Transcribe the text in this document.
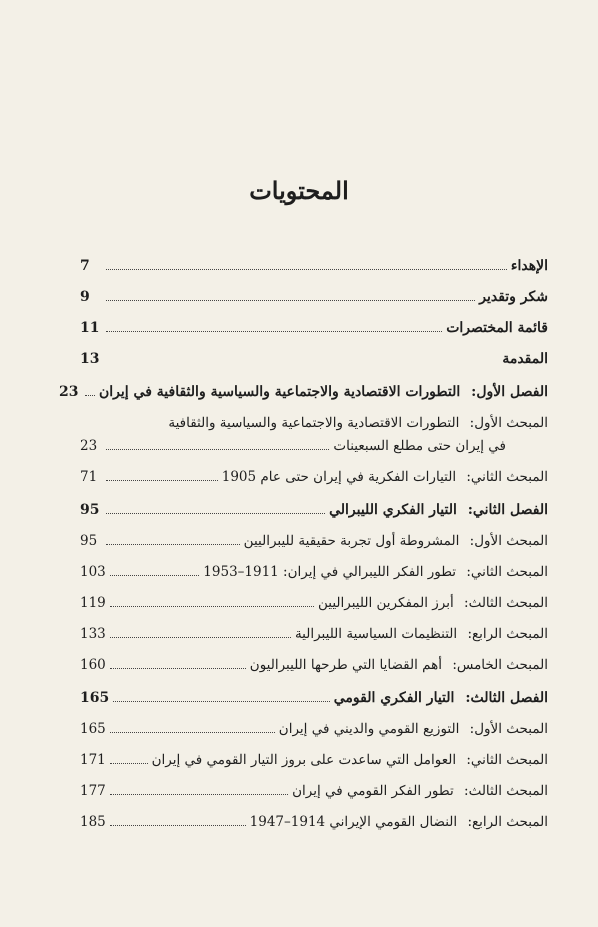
المحتويات
الإهداء
7
شكر وتقدير
9
قائمة المختصرات
11
المقدمة
13
الفصل الأول: التطورات الاقتصادية والاجتماعية والسياسية والثقافية في إيران
23
المبحث الأول: التطورات الاقتصادية والاجتماعية والسياسية والثقافية
في إيران حتى مطلع السبعينات
23
المبحث الثاني: التيارات الفكرية في إيران حتى عام 1905
71
الفصل الثاني: التيار الفكري الليبرالي
95
المبحث الأول: المشروطة أول تجربة حقيقية لليبراليين
95
المبحث الثاني: تطور الفكر الليبرالي في إيران: 1911–1953
103
المبحث الثالث: أبرز المفكرين الليبراليين
119
المبحث الرابع: التنظيمات السياسية الليبرالية
133
المبحث الخامس: أهم القضايا التي طرحها الليبراليون
160
الفصل الثالث: التيار الفكري القومي
165
المبحث الأول: التوزيع القومي والديني في إيران
165
المبحث الثاني: العوامل التي ساعدت على بروز التيار القومي في إيران
171
المبحث الثالث: تطور الفكر القومي في إيران
177
المبحث الرابع: النضال القومي الإيراني 1914–1947
185
